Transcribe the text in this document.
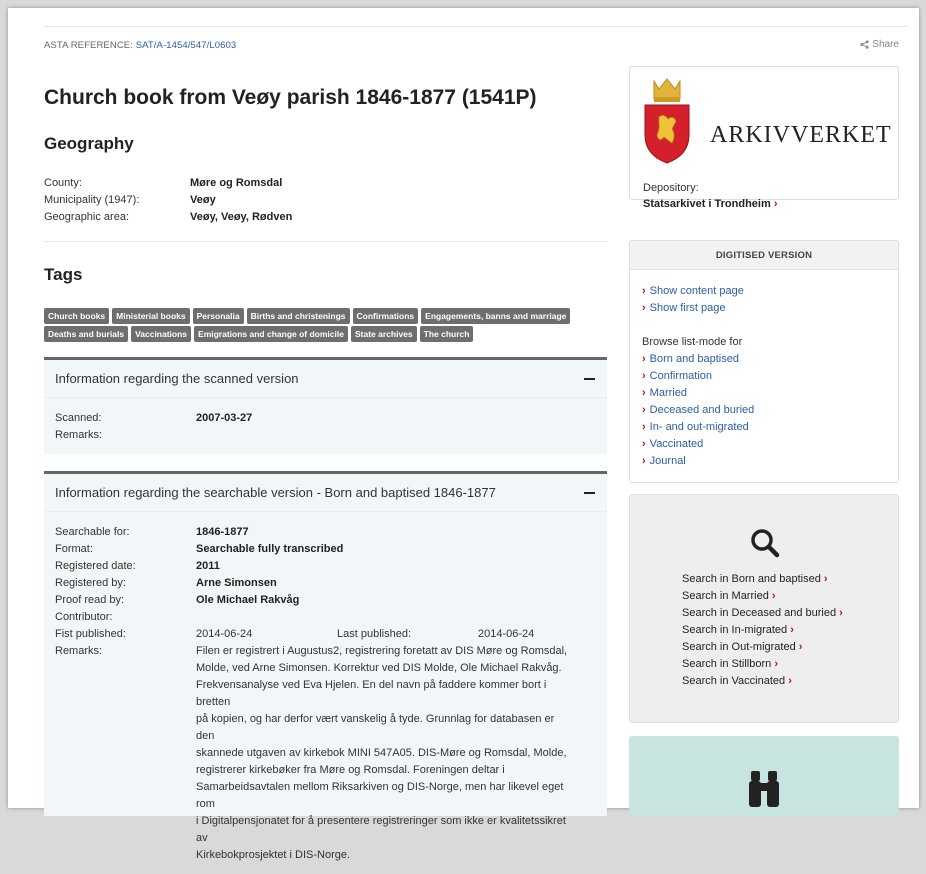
ASTA REFERENCE: SAT/A-1454/547/L0603	Share
Church book from Veøy parish 1846-1877 (1541P)
Geography
County:	Møre og Romsdal
Municipality (1947):	Veøy
Geographic area:	Veøy, Veøy, Rødven
Tags
Church books	Ministerial books	Personalia	Births and christenings	Confirmations	Engagements, banns and marriage
Deaths and burials	Vaccinations	Emigrations and change of domicile	State archives	The church
Information regarding the scanned version
Scanned:	2007-03-27
Remarks:
Information regarding the searchable version - Born and baptised 1846-1877
Searchable for:	1846-1877
Format:	Searchable fully transcribed
Registered date:	2011
Registered by:	Arne Simonsen
Proof read by:	Ole Michael Rakvåg
Contributor:
Fist published:	2014-06-24	Last published:	2014-06-24
Remarks:	Filen er registrert i Augustus2, registrering foretatt av DIS Møre og Romsdal,
Molde, ved Arne Simonsen. Korrektur ved DIS Molde, Ole Michael Rakvåg.
Frekvensanalyse ved Eva Hjelen. En del navn på faddere kommer bort i bretten
på kopien, og har derfor vært vanskelig å tyde. Grunnlag for databasen er den
skannede utgaven av kirkebok MINI 547A05. DIS-Møre og Romsdal, Molde,
registrerer kirkebøker fra Møre og Romsdal. Foreningen deltar i
Samarbeidsavtalen mellom Riksarkiven og DIS-Norge, men har likevel eget rom
i Digitalpensjonatet for å presentere registreringer som ikke er kvalitetssikret av
Kirkebokprosjektet i DIS-Norge.
ARKIVVERKET
Depository:
Statsarkivet i Trondheim ›
DIGITISED VERSION
› Show content page
› Show first page
Browse list-mode for
› Born and baptised
› Confirmation
› Married
› Deceased and buried
› In- and out-migrated
› Vaccinated
› Journal
Search in Born and baptised ›
Search in Married ›
Search in Deceased and buried ›
Search in In-migrated ›
Search in Out-migrated ›
Search in Stillborn ›
Search in Vaccinated ›
